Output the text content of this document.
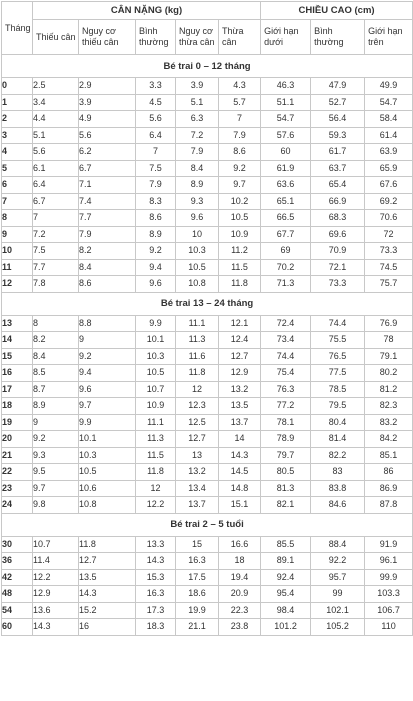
Tháng	CÂN NẶNG (kg)					CHIỀU CAO (cm)		
	Thiếu cân	Nguy cơ thiếu cân	Bình thường	Nguy cơ thừa cân	Thừa cân	Giới hạn dưới	Bình thường	Giới hạn trên
Bé trai 0 – 12 tháng								
0	2.5	2.9	3.3	3.9	4.3	46.3	47.9	49.9
1	3.4	3.9	4.5	5.1	5.7	51.1	52.7	54.7
2	4.4	4.9	5.6	6.3	7	54.7	56.4	58.4
3	5.1	5.6	6.4	7.2	7.9	57.6	59.3	61.4
4	5.6	6.2	7	7.9	8.6	60	61.7	63.9
5	6.1	6.7	7.5	8.4	9.2	61.9	63.7	65.9
6	6.4	7.1	7.9	8.9	9.7	63.6	65.4	67.6
7	6.7	7.4	8.3	9.3	10.2	65.1	66.9	69.2
8	7	7.7	8.6	9.6	10.5	66.5	68.3	70.6
9	7.2	7.9	8.9	10	10.9	67.7	69.6	72
10	7.5	8.2	9.2	10.3	11.2	69	70.9	73.3
11	7.7	8.4	9.4	10.5	11.5	70.2	72.1	74.5
12	7.8	8.6	9.6	10.8	11.8	71.3	73.3	75.7
Bé trai 13 – 24 tháng								
13	8	8.8	9.9	11.1	12.1	72.4	74.4	76.9
14	8.2	9	10.1	11.3	12.4	73.4	75.5	78
15	8.4	9.2	10.3	11.6	12.7	74.4	76.5	79.1
16	8.5	9.4	10.5	11.8	12.9	75.4	77.5	80.2
17	8.7	9.6	10.7	12	13.2	76.3	78.5	81.2
18	8.9	9.7	10.9	12.3	13.5	77.2	79.5	82.3
19	9	9.9	11.1	12.5	13.7	78.1	80.4	83.2
20	9.2	10.1	11.3	12.7	14	78.9	81.4	84.2
21	9.3	10.3	11.5	13	14.3	79.7	82.2	85.1
22	9.5	10.5	11.8	13.2	14.5	80.5	83	86
23	9.7	10.6	12	13.4	14.8	81.3	83.8	86.9
24	9.8	10.8	12.2	13.7	15.1	82.1	84.6	87.8
Bé trai 2 – 5 tuổi								
30	10.7	11.8	13.3	15	16.6	85.5	88.4	91.9
36	11.4	12.7	14.3	16.3	18	89.1	92.2	96.1
42	12.2	13.5	15.3	17.5	19.4	92.4	95.7	99.9
48	12.9	14.3	16.3	18.6	20.9	95.4	99	103.3
54	13.6	15.2	17.3	19.9	22.3	98.4	102.1	106.7
60	14.3	16	18.3	21.1	23.8	101.2	105.2	110
